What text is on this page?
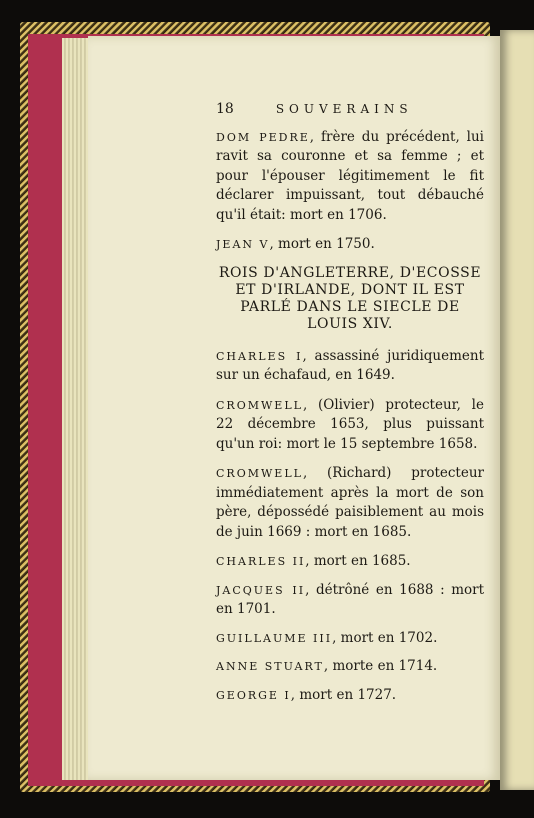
18	SOUVERAINS

DOM PEDRE, frère du précédent, lui ravit sa couronne et sa femme ; et pour l'épouser légitimement le fit déclarer impuissant, tout débauché qu'il était: mort en 1706.

JEAN V, mort en 1750.

ROIS D'ANGLETERRE, D'ECOSSE ET D'IRLANDE, DONT IL EST PARLÉ DANS LE SIECLE DE LOUIS XIV.

CHARLES I, assassiné juridiquement sur un échafaud, en 1649.

CROMWELL, (Olivier) protecteur, le 22 décembre 1653, plus puissant qu'un roi: mort le 15 septembre 1658.

CROMWELL, (Richard) protecteur immédiatement après la mort de son père, dépossédé paisiblement au mois de juin 1669 : mort en 1685.

CHARLES II, mort en 1685.

JACQUES II, détrôné en 1688 : mort en 1701.

GUILLAUME III, mort en 1702.

ANNE STUART, morte en 1714.

GEORGE I, mort en 1727.
